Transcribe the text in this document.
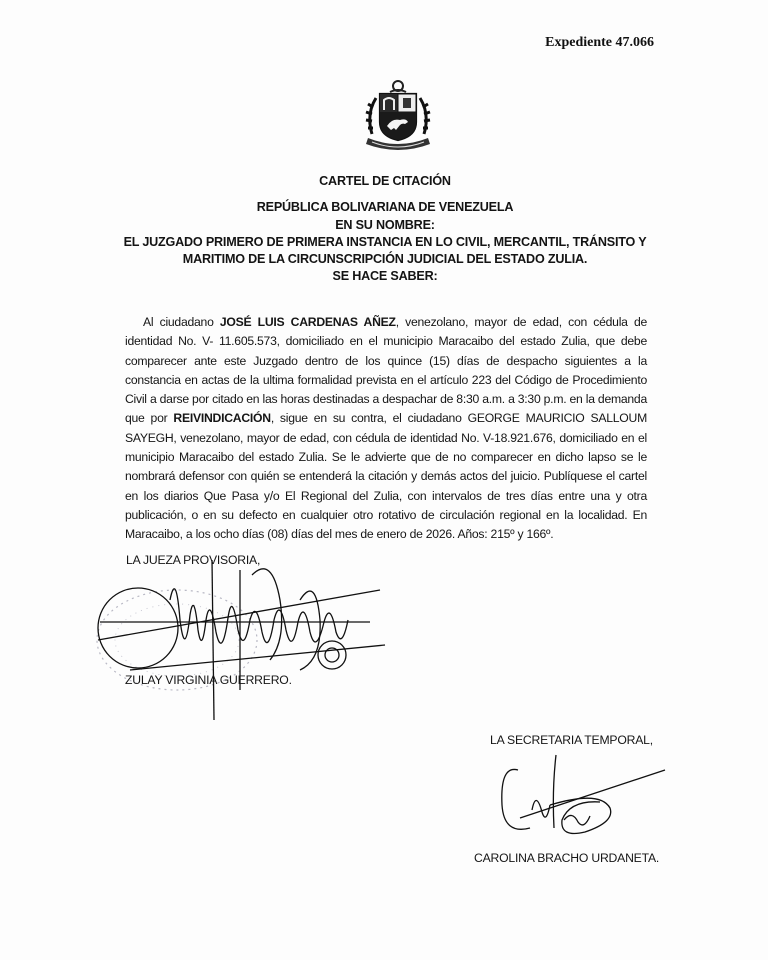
Expediente 47.066
CARTEL DE CITACIÓN
REPÚBLICA BOLIVARIANA DE VENEZUELA
EN SU NOMBRE:
EL JUZGADO PRIMERO DE PRIMERA INSTANCIA EN LO CIVIL, MERCANTIL, TRÁNSITO Y
MARITIMO DE LA CIRCUNSCRIPCIÓN JUDICIAL DEL ESTADO ZULIA.
SE HACE SABER:
Al ciudadano JOSÉ LUIS CARDENAS AÑEZ, venezolano, mayor de edad, con cédula de identidad No. V- 11.605.573, domiciliado en el municipio Maracaibo del estado Zulia, que debe comparecer ante este Juzgado dentro de los quince (15) días de despacho siguientes a la constancia en actas de la ultima formalidad prevista en el artículo 223 del Código de Procedimiento Civil a darse por citado en las horas destinadas a despachar de 8:30 a.m. a 3:30 p.m. en la demanda que por REIVINDICACIÓN, sigue en su contra, el ciudadano GEORGE MAURICIO SALLOUM SAYEGH, venezolano, mayor de edad, con cédula de identidad No. V-18.921.676, domiciliado en el municipio Maracaibo del estado Zulia. Se le advierte que de no comparecer en dicho lapso se le nombrará defensor con quién se entenderá la citación y demás actos del juicio. Publíquese el cartel en los diarios Que Pasa y/o El Regional del Zulia, con intervalos de tres días entre una y otra publicación, o en su defecto en cualquier otro rotativo de circulación regional en la localidad. En Maracaibo, a los ocho días (08) días del mes de enero de 2026. Años: 215º y 166º.
LA JUEZA PROVISORIA,
ZULAY VIRGINIA GUERRERO.
LA SECRETARIA TEMPORAL,
CAROLINA BRACHO URDANETA.
